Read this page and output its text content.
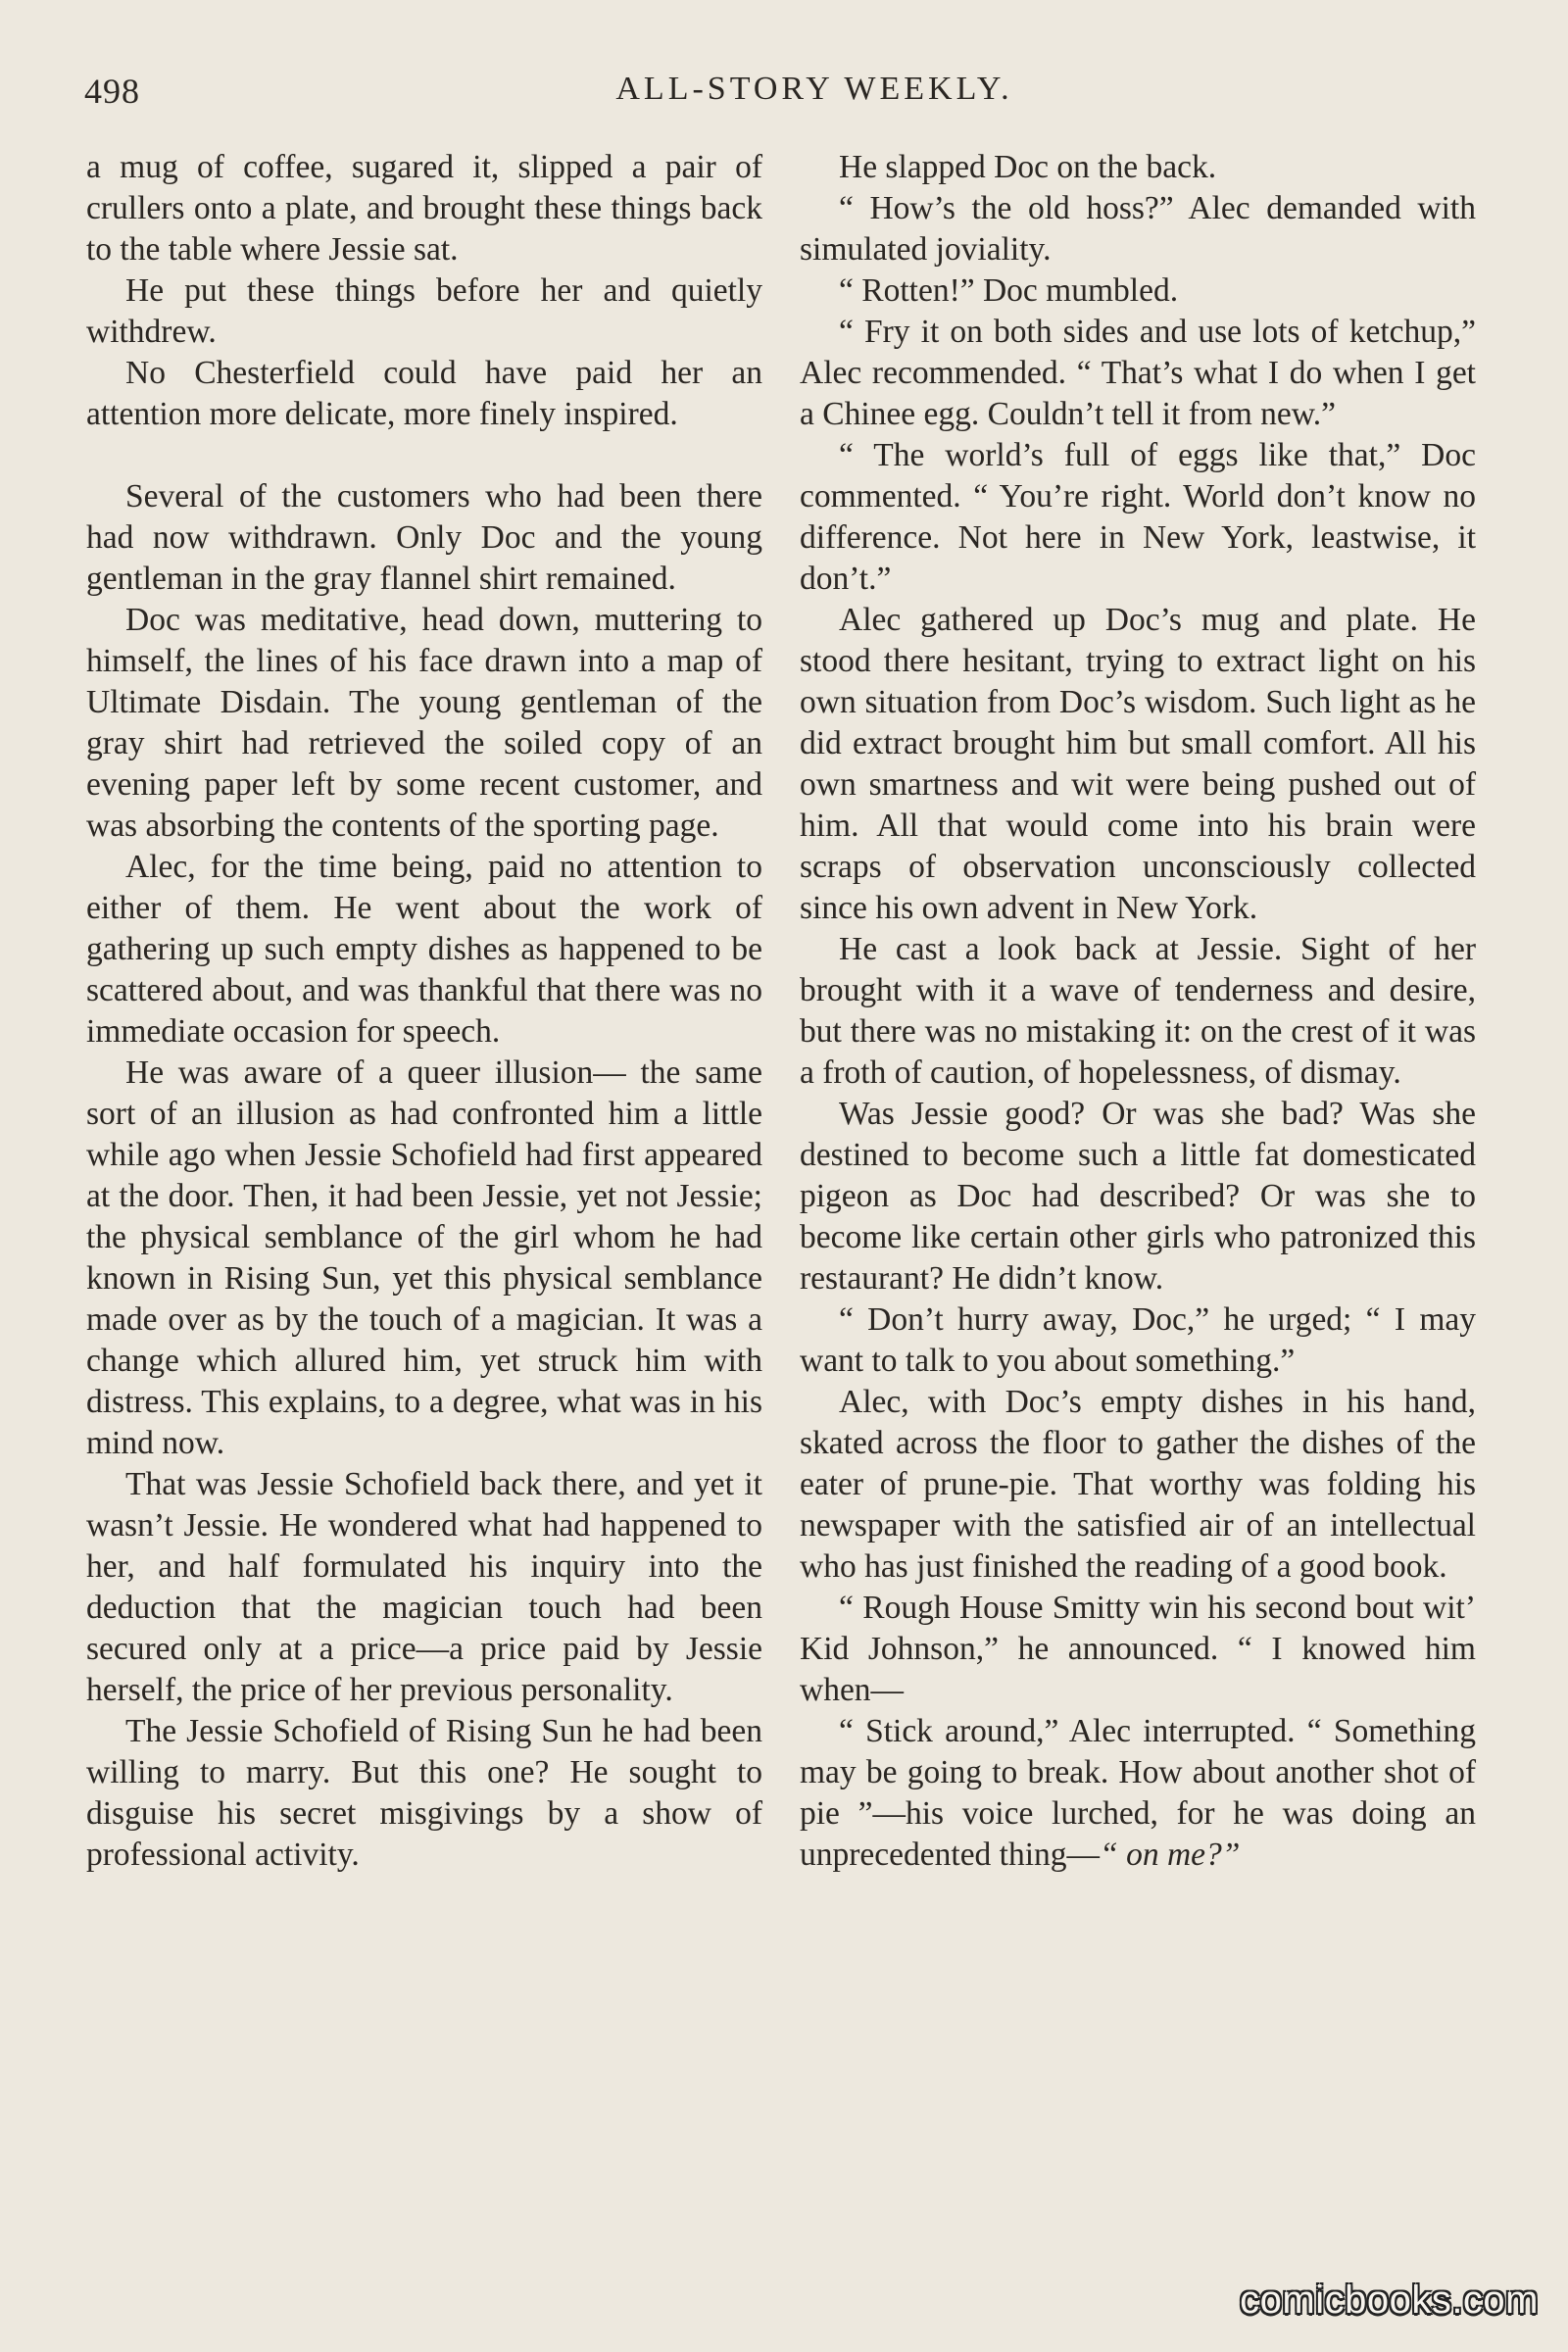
498	ALL-STORY WEEKLY.

a mug of coffee, sugared it, slipped a pair of crullers onto a plate, and brought these things back to the table where Jessie sat.

He put these things before her and quietly withdrew.

No Chesterfield could have paid her an attention more delicate, more finely inspired.

Several of the customers who had been there had now withdrawn. Only Doc and the young gentleman in the gray flannel shirt remained.

Doc was meditative, head down, muttering to himself, the lines of his face drawn into a map of Ultimate Disdain. The young gentleman of the gray shirt had retrieved the soiled copy of an evening paper left by some recent customer, and was absorbing the contents of the sporting page.

Alec, for the time being, paid no attention to either of them. He went about the work of gathering up such empty dishes as happened to be scattered about, and was thankful that there was no immediate occasion for speech.

He was aware of a queer illusion— the same sort of an illusion as had confronted him a little while ago when Jessie Schofield had first appeared at the door. Then, it had been Jessie, yet not Jessie; the physical semblance of the girl whom he had known in Rising Sun, yet this physical semblance made over as by the touch of a magician. It was a change which allured him, yet struck him with distress. This explains, to a degree, what was in his mind now.

That was Jessie Schofield back there, and yet it wasn’t Jessie. He wondered what had happened to her, and half formulated his inquiry into the deduction that the magician touch had been secured only at a price—a price paid by Jessie herself, the price of her previous personality.

The Jessie Schofield of Rising Sun he had been willing to marry. But this one? He sought to disguise his secret misgivings by a show of professional activity.

He slapped Doc on the back.

“ How’s the old hoss?” Alec demanded with simulated joviality.

“ Rotten!” Doc mumbled.

“ Fry it on both sides and use lots of ketchup,” Alec recommended. “ That’s what I do when I get a Chinee egg. Couldn’t tell it from new.”

“ The world’s full of eggs like that,” Doc commented. “ You’re right. World don’t know no difference. Not here in New York, leastwise, it don’t.”

Alec gathered up Doc’s mug and plate. He stood there hesitant, trying to extract light on his own situation from Doc’s wisdom. Such light as he did extract brought him but small comfort. All his own smartness and wit were being pushed out of him. All that would come into his brain were scraps of observation unconsciously collected since his own advent in New York.

He cast a look back at Jessie. Sight of her brought with it a wave of tenderness and desire, but there was no mistaking it: on the crest of it was a froth of caution, of hopelessness, of dismay.

Was Jessie good? Or was she bad? Was she destined to become such a little fat domesticated pigeon as Doc had described? Or was she to become like certain other girls who patronized this restaurant? He didn’t know.

“ Don’t hurry away, Doc,” he urged; “ I may want to talk to you about something.”

Alec, with Doc’s empty dishes in his hand, skated across the floor to gather the dishes of the eater of prune-pie. That worthy was folding his newspaper with the satisfied air of an intellectual who has just finished the reading of a good book.

“ Rough House Smitty win his second bout wit’ Kid Johnson,” he announced. “ I knowed him when—

“ Stick around,” Alec interrupted. “ Something may be going to break. How about another shot of pie ”—his voice lurched, for he was doing an unprecedented thing—“ on me?”

comicbooks.com
